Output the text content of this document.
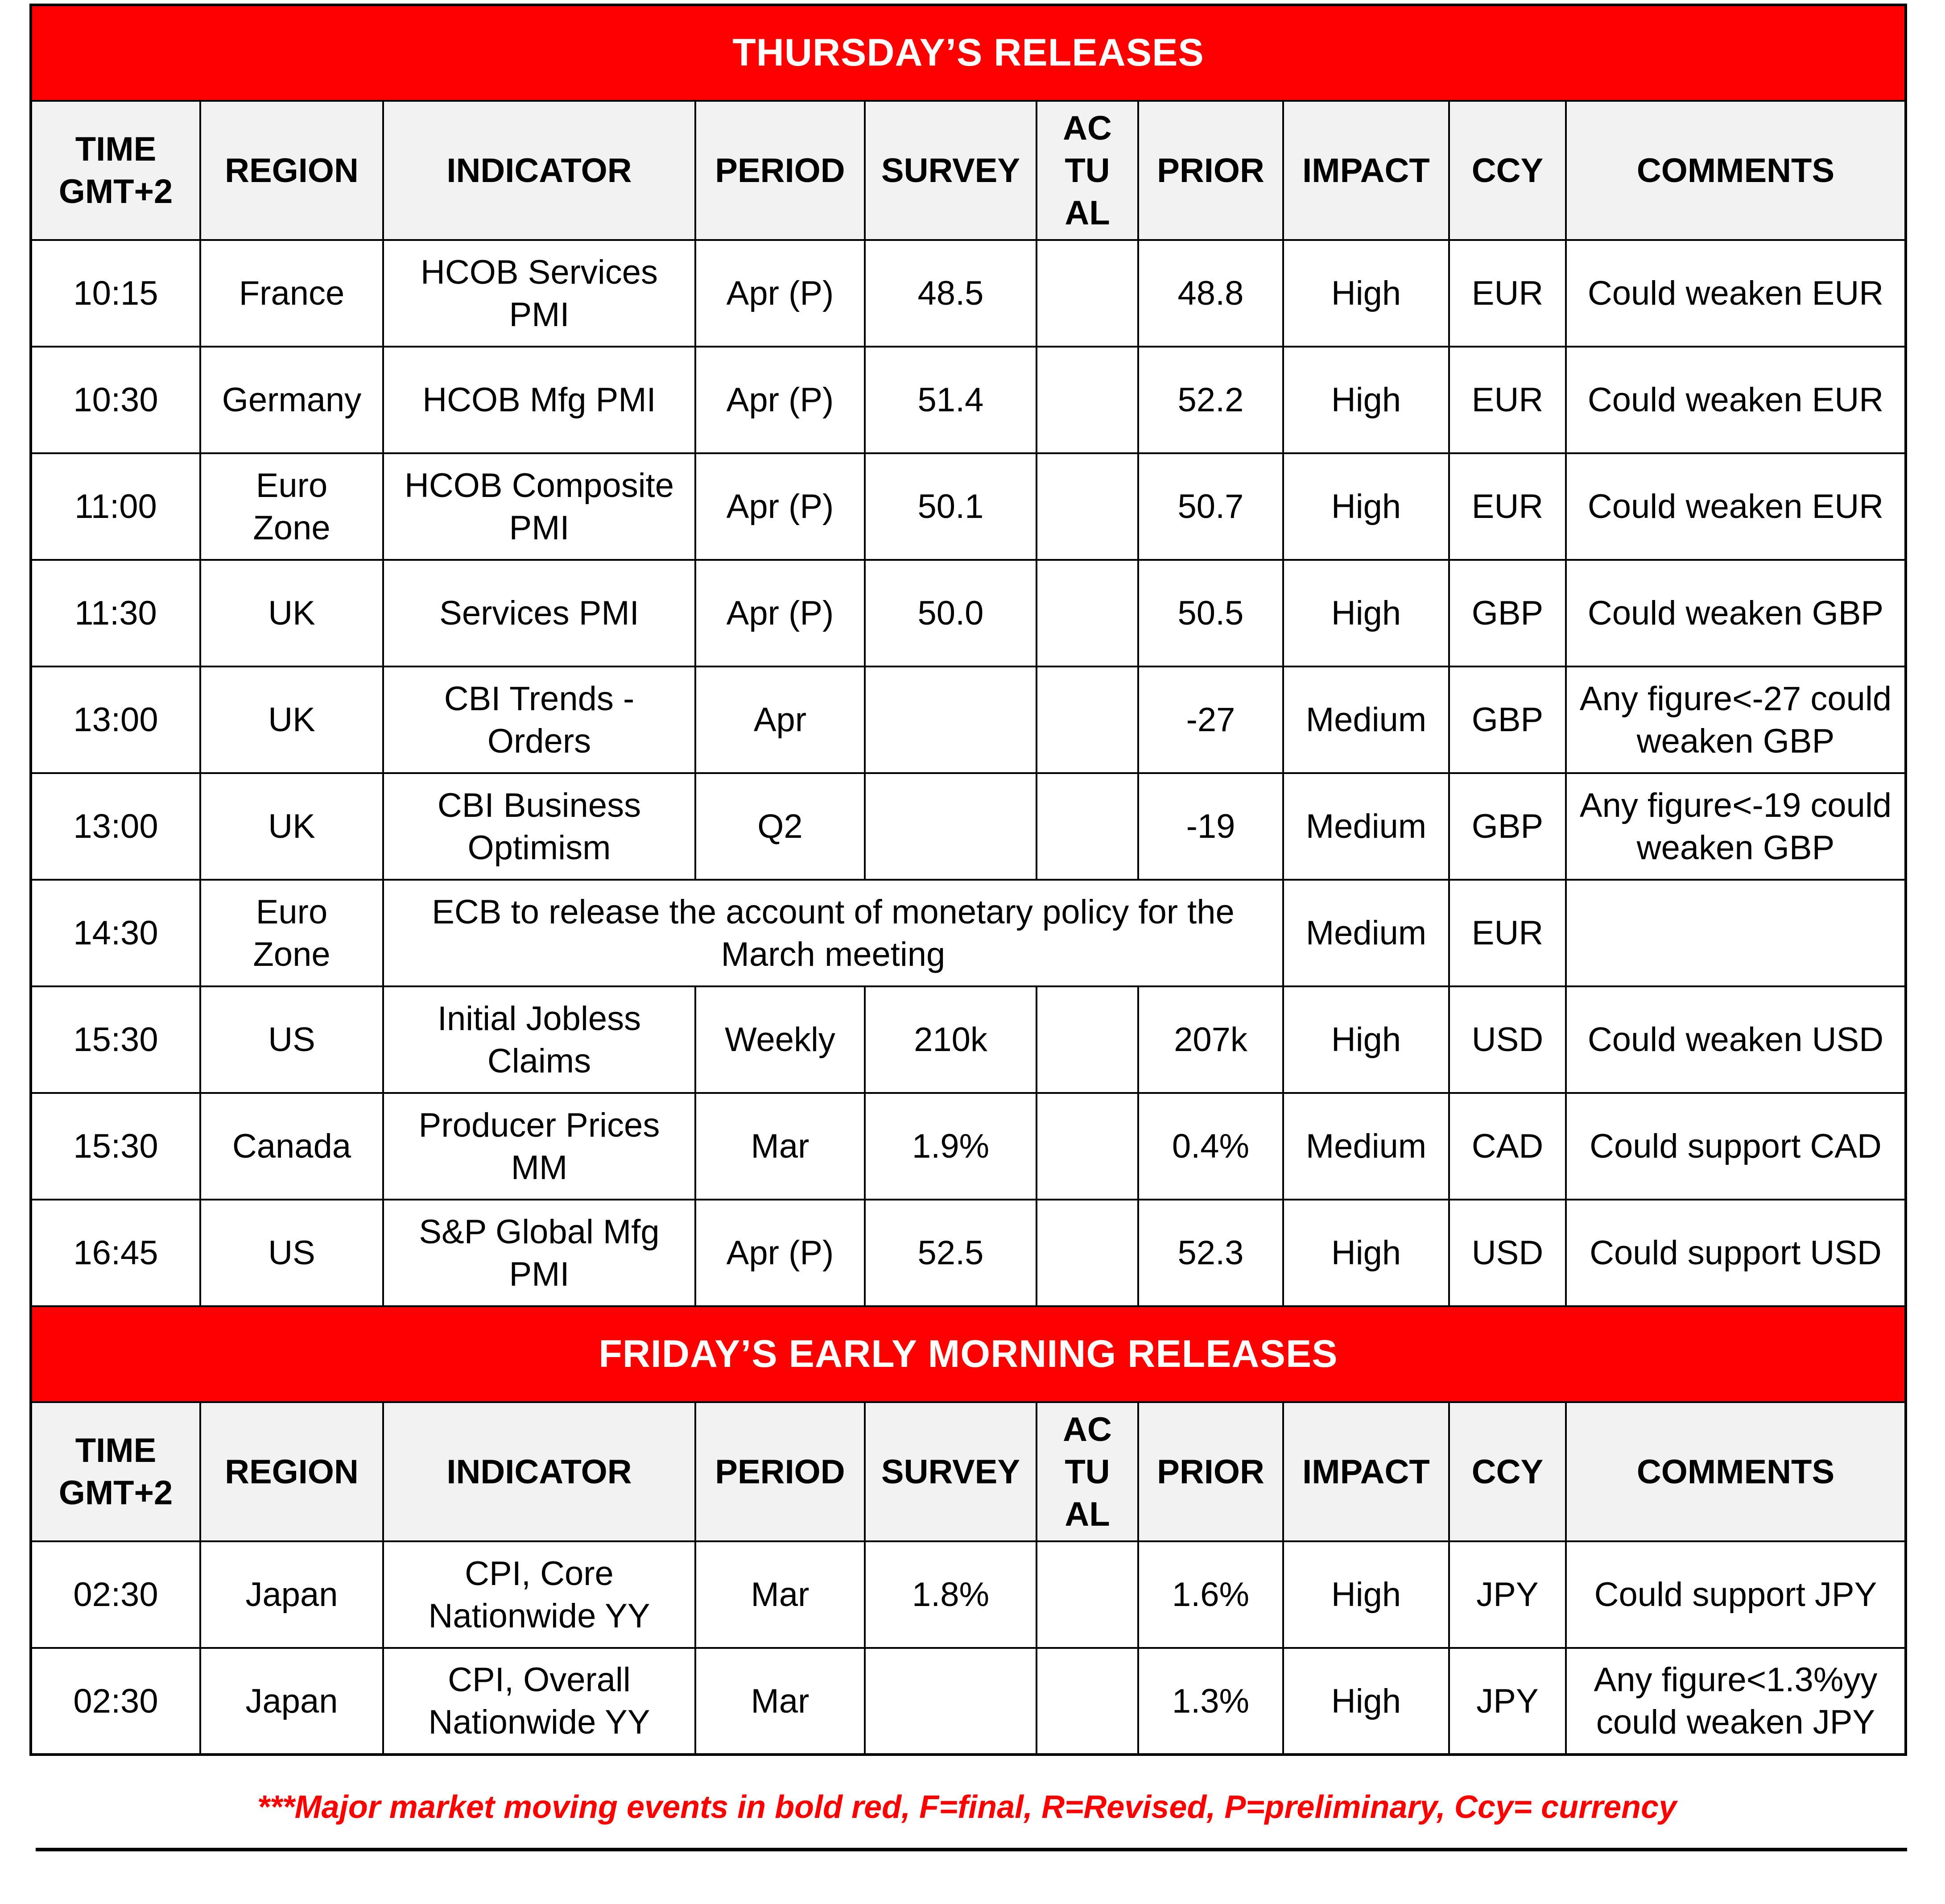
THURSDAY’S RELEASES									
TIME GMT+2	REGION	INDICATOR	PERIOD	SURVEY	ACTUAL	PRIOR	IMPACT	CCY	COMMENTS
10:15	France	HCOB Services PMI	Apr (P)	48.5		48.8	High	EUR	Could weaken EUR
10:30	Germany	HCOB Mfg PMI	Apr (P)	51.4		52.2	High	EUR	Could weaken EUR
11:00	Euro Zone	HCOB Composite PMI	Apr (P)	50.1		50.7	High	EUR	Could weaken EUR
11:30	UK	Services PMI	Apr (P)	50.0		50.5	High	GBP	Could weaken GBP
13:00	UK	CBI Trends - Orders	Apr			-27	Medium	GBP	Any figure<-27 could weaken GBP
13:00	UK	CBI Business Optimism	Q2			-19	Medium	GBP	Any figure<-19 could weaken GBP
14:30	Euro Zone	ECB to release the account of monetary policy for the March meeting					Medium	EUR	
15:30	US	Initial Jobless Claims	Weekly	210k		207k	High	USD	Could weaken USD
15:30	Canada	Producer Prices MM	Mar	1.9%		0.4%	Medium	CAD	Could support CAD
16:45	US	S&P Global Mfg PMI	Apr (P)	52.5		52.3	High	USD	Could support USD
FRIDAY’S EARLY MORNING RELEASES									
TIME GMT+2	REGION	INDICATOR	PERIOD	SURVEY	ACTUAL	PRIOR	IMPACT	CCY	COMMENTS
02:30	Japan	CPI, Core Nationwide YY	Mar	1.8%		1.6%	High	JPY	Could support JPY
02:30	Japan	CPI, Overall Nationwide YY	Mar			1.3%	High	JPY	Any figure<1.3%yy could weaken JPY
***Major market moving events in bold red, F=final, R=Revised, P=preliminary, Ccy= currency
